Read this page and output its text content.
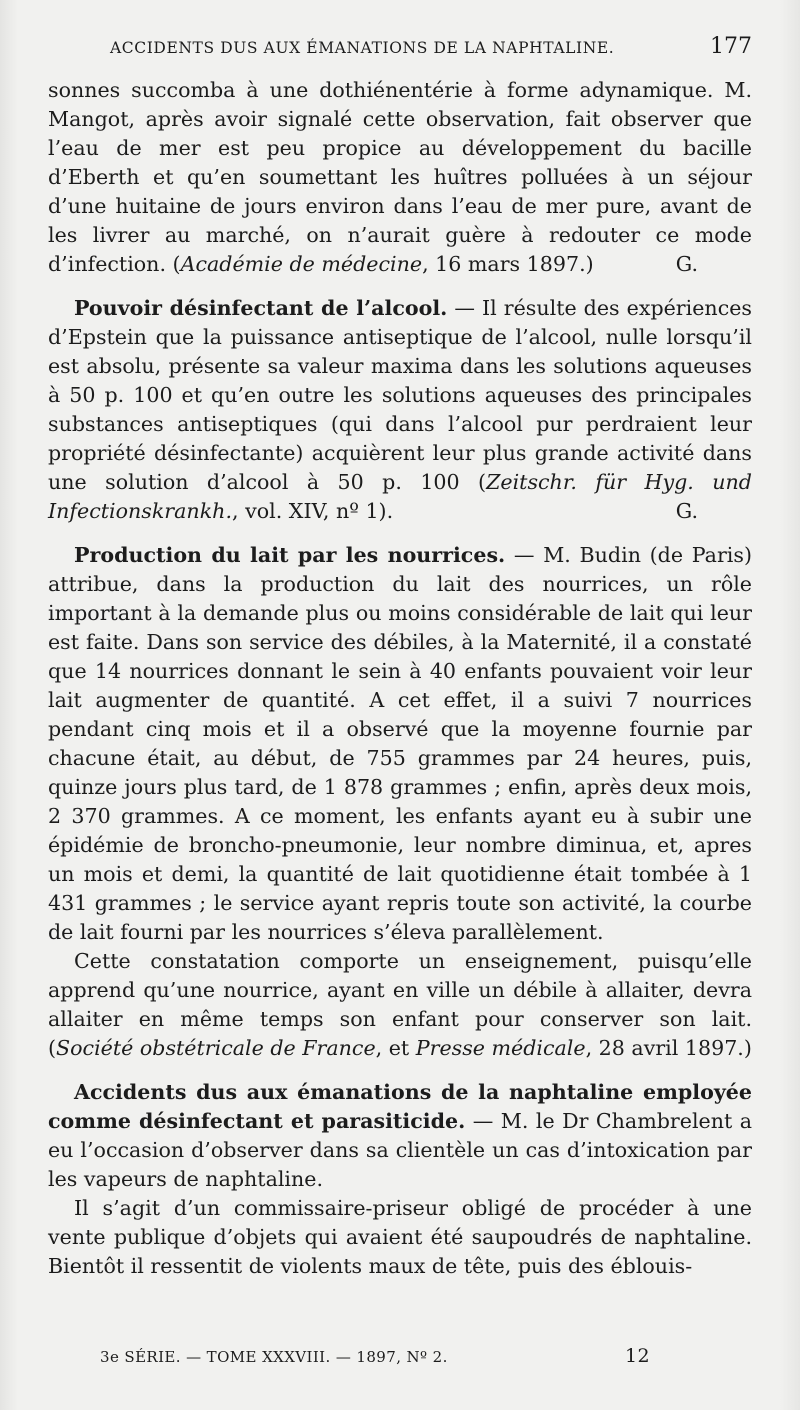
ACCIDENTS DUS AUX ÉMANATIONS DE LA NAPHTALINE.	177

sonnes succomba à une dothiénentérie à forme adynamique. M. Mangot, après avoir signalé cette observation, fait observer que l’eau de mer est peu propice au développement du bacille d’Eberth et qu’en soumettant les huîtres polluées à un séjour d’une huitaine de jours environ dans l’eau de mer pure, avant de les livrer au marché, on n’aurait guère à redouter ce mode d’infection. (Académie de médecine, 16 mars 1897.)	G.

Pouvoir désinfectant de l’alcool. — Il résulte des expériences d’Epstein que la puissance antiseptique de l’alcool, nulle lorsqu’il est absolu, présente sa valeur maxima dans les solutions aqueuses à 50 p. 100 et qu’en outre les solutions aqueuses des principales substances antiseptiques (qui dans l’alcool pur perdraient leur propriété désinfectante) acquièrent leur plus grande activité dans une solution d’alcool à 50 p. 100 (Zeitschr. für Hyg. und Infectionskrankh., vol. XIV, nº 1).	G.

Production du lait par les nourrices. — M. Budin (de Paris) attribue, dans la production du lait des nourrices, un rôle important à la demande plus ou moins considérable de lait qui leur est faite. Dans son service des débiles, à la Maternité, il a constaté que 14 nourrices donnant le sein à 40 enfants pouvaient voir leur lait augmenter de quantité. A cet effet, il a suivi 7 nourrices pendant cinq mois et il a observé que la moyenne fournie par chacune était, au début, de 755 grammes par 24 heures, puis, quinze jours plus tard, de 1 878 grammes ; enfin, après deux mois, 2 370 grammes. A ce moment, les enfants ayant eu à subir une épidémie de broncho-pneumonie, leur nombre diminua, et, apres un mois et demi, la quantité de lait quotidienne était tombée à 1 431 grammes ; le service ayant repris toute son activité, la courbe de lait fourni par les nourrices s’éleva parallèlement.

Cette constatation comporte un enseignement, puisqu’elle apprend qu’une nourrice, ayant en ville un débile à allaiter, devra allaiter en même temps son enfant pour conserver son lait. (Société obstétricale de France, et Presse médicale, 28 avril 1897.)

Accidents dus aux émanations de la naphtaline employée comme désinfectant et parasiticide. — M. le Dr Chambrelent a eu l’occasion d’observer dans sa clientèle un cas d’intoxication par les vapeurs de naphtaline.

Il s’agit d’un commissaire-priseur obligé de procéder à une vente publique d’objets qui avaient été saupoudrés de naphtaline. Bientôt il ressentit de violents maux de tête, puis des éblouis-

3e SÉRIE. — TOME XXXVIII. — 1897, Nº 2.	12
